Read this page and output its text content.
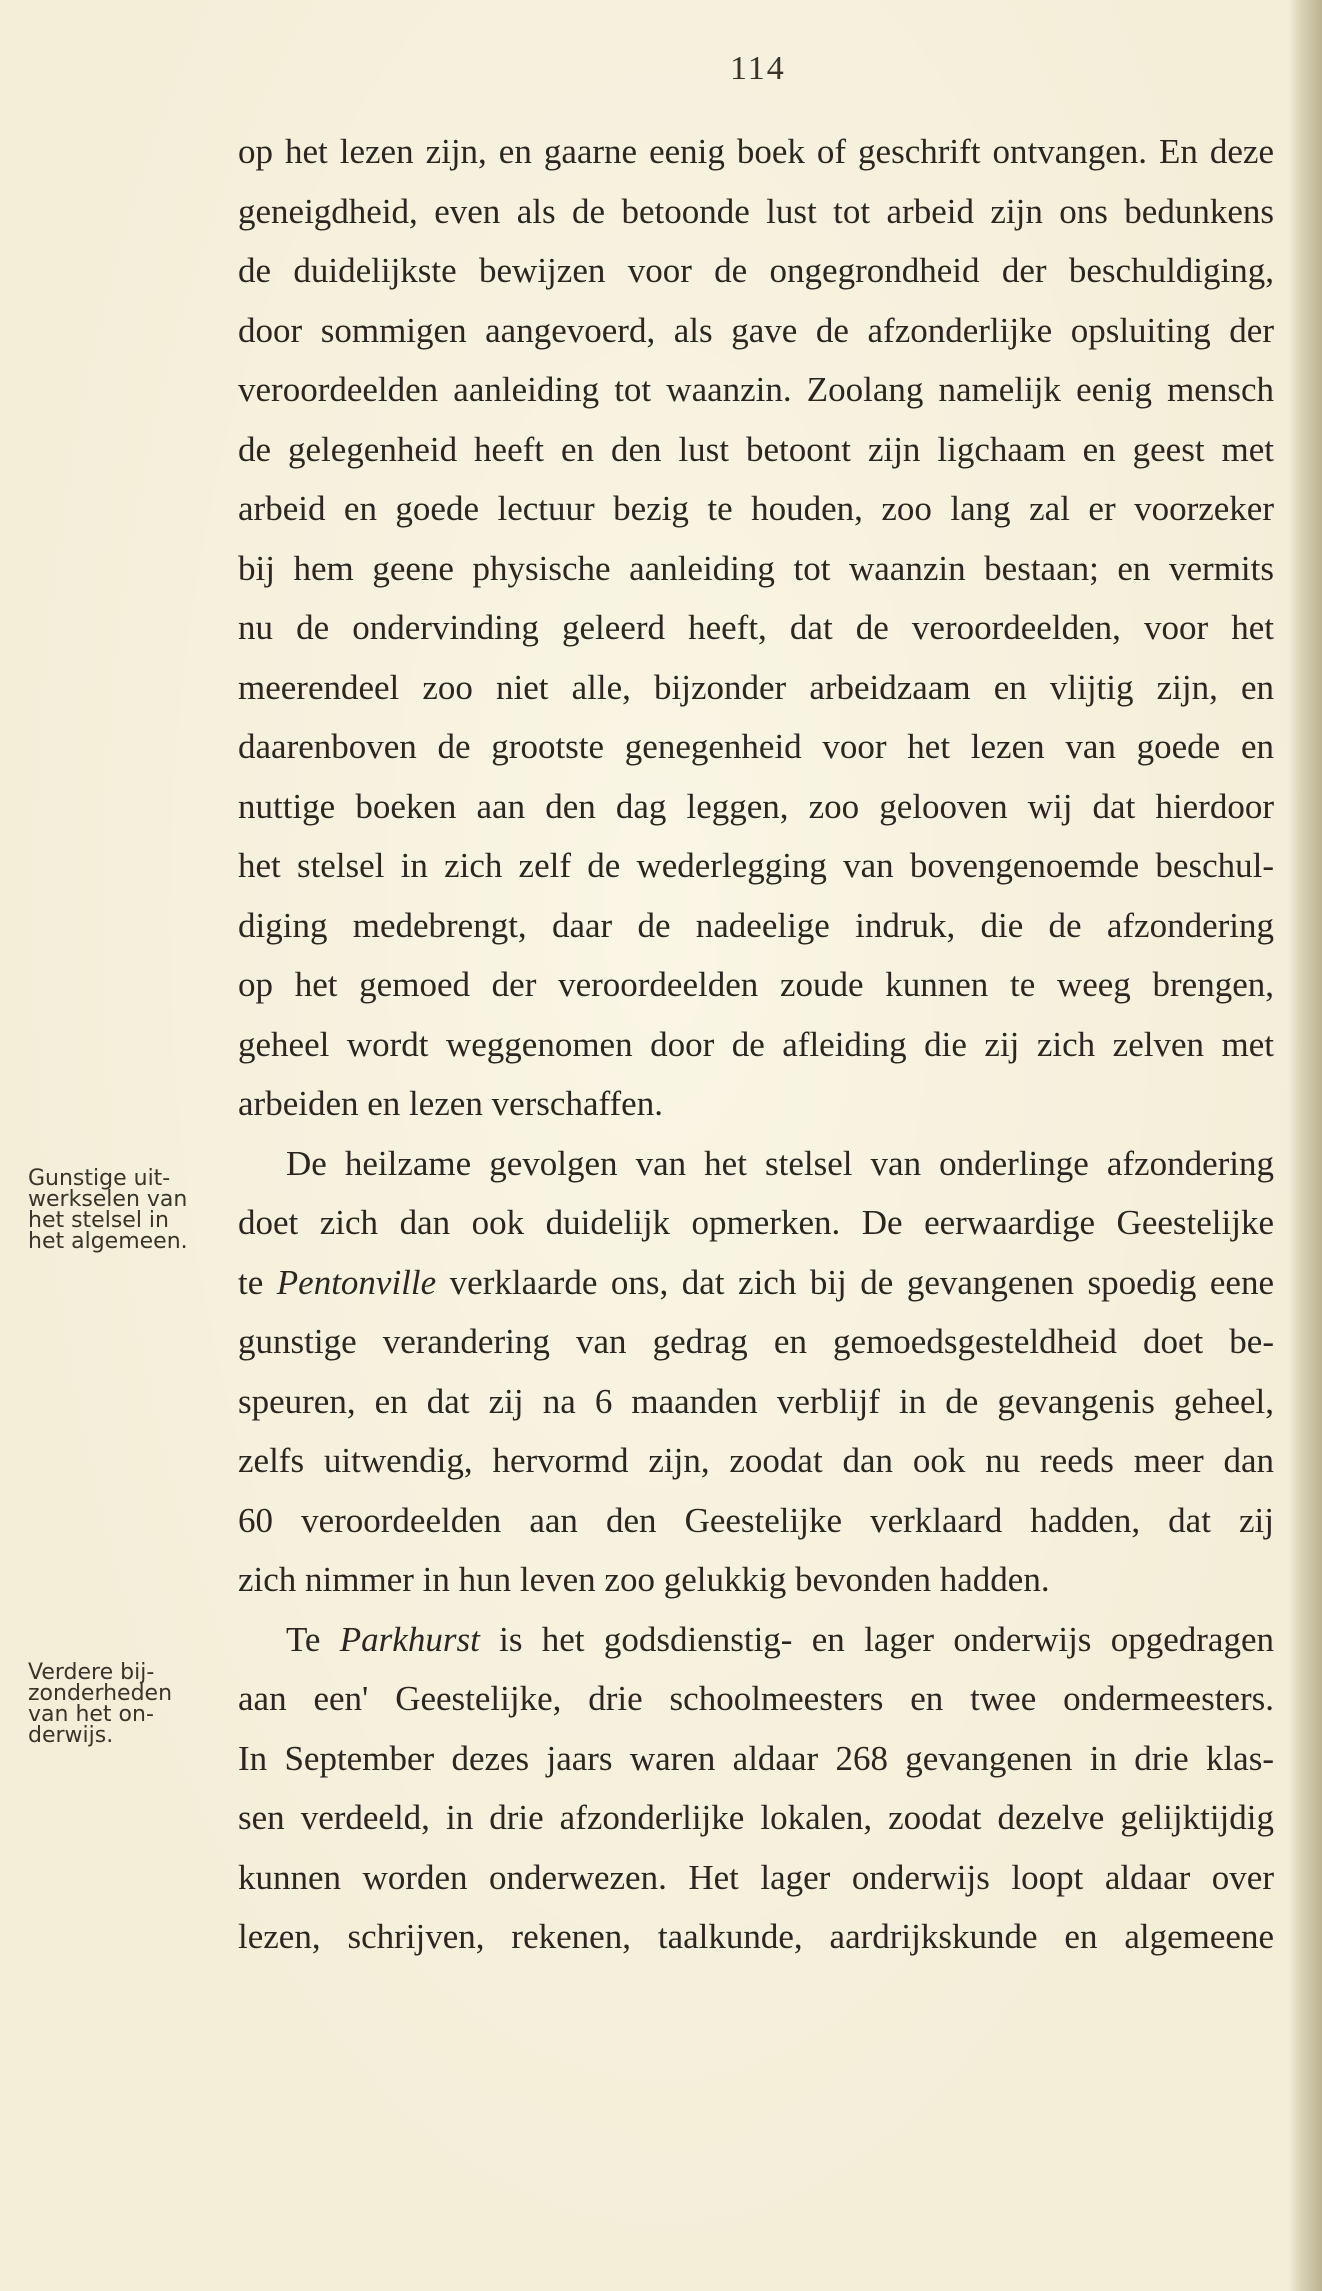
114
Gunstige uit-
werkselen van
het stelsel in
het algemeen.
Verdere bij-
zonderheden
van het on-
derwijs.
op het lezen zijn, en gaarne eenig boek of geschrift ontvangen. En deze
geneigdheid, even als de betoonde lust tot arbeid zijn ons bedunkens
de duidelijkste bewijzen voor de ongegrondheid der beschuldiging,
door sommigen aangevoerd, als gave de afzonderlijke opsluiting der
veroordeelden aanleiding tot waanzin. Zoolang namelijk eenig mensch
de gelegenheid heeft en den lust betoont zijn ligchaam en geest met
arbeid en goede lectuur bezig te houden, zoo lang zal er voorzeker
bij hem geene physische aanleiding tot waanzin bestaan; en vermits
nu de ondervinding geleerd heeft, dat de veroordeelden, voor het
meerendeel zoo niet alle, bijzonder arbeidzaam en vlijtig zijn, en
daarenboven de grootste genegenheid voor het lezen van goede en
nuttige boeken aan den dag leggen, zoo gelooven wij dat hierdoor
het stelsel in zich zelf de wederlegging van bovengenoemde beschul-
diging medebrengt, daar de nadeelige indruk, die de afzondering
op het gemoed der veroordeelden zoude kunnen te weeg brengen,
geheel wordt weggenomen door de afleiding die zij zich zelven met
arbeiden en lezen verschaffen.
De heilzame gevolgen van het stelsel van onderlinge afzondering
doet zich dan ook duidelijk opmerken. De eerwaardige Geestelijke
te Pentonville verklaarde ons, dat zich bij de gevangenen spoedig eene
gunstige verandering van gedrag en gemoedsgesteldheid doet be-
speuren, en dat zij na 6 maanden verblijf in de gevangenis geheel,
zelfs uitwendig, hervormd zijn, zoodat dan ook nu reeds meer dan
60 veroordeelden aan den Geestelijke verklaard hadden, dat zij
zich nimmer in hun leven zoo gelukkig bevonden hadden.
Te Parkhurst is het godsdienstig- en lager onderwijs opgedragen
aan een' Geestelijke, drie schoolmeesters en twee ondermeesters.
In September dezes jaars waren aldaar 268 gevangenen in drie klas-
sen verdeeld, in drie afzonderlijke lokalen, zoodat dezelve gelijktijdig
kunnen worden onderwezen. Het lager onderwijs loopt aldaar over
lezen, schrijven, rekenen, taalkunde, aardrijkskunde en algemeene
